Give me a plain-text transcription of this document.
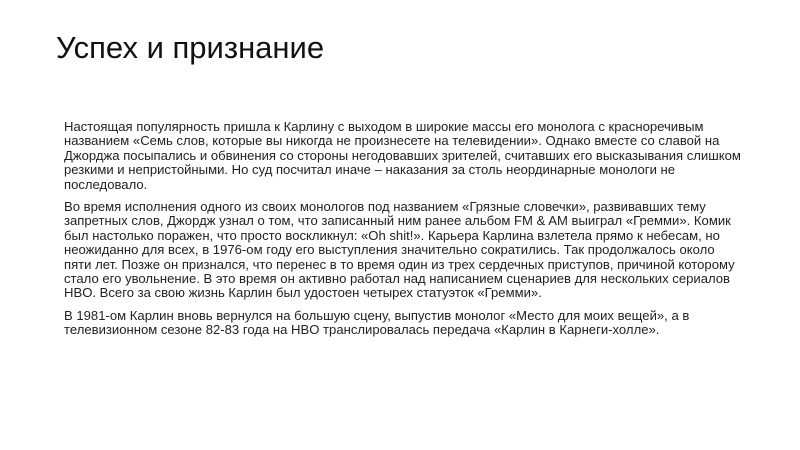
Успех и признание

Настоящая популярность пришла к Карлину с выходом в широкие массы его монолога с красноречивым названием «Семь слов, которые вы никогда не произнесете на телевидении». Однако вместе со славой на Джорджа посыпались и обвинения со стороны негодовавших зрителей, считавших его высказывания слишком резкими и непристойными. Но суд посчитал иначе – наказания за столь неординарные монологи не последовало.

Во время исполнения одного из своих монологов под названием «Грязные словечки», развивавших тему запретных слов, Джордж узнал о том, что записанный ним ранее альбом FM & AM выиграл «Гремми». Комик был настолько поражен, что просто воскликнул: «Oh shit!». Карьера Карлина взлетела прямо к небесам, но неожиданно для всех, в 1976-ом году его выступления значительно сократились. Так продолжалось около пяти лет. Позже он признался, что перенес в то время один из трех сердечных приступов, причиной которому стало его увольнение. В это время он активно работал над написанием сценариев для нескольких сериалов HBO. Всего за свою жизнь Карлин был удостоен четырех статуэток «Гремми».

В 1981-ом Карлин вновь вернулся на большую сцену, выпустив монолог «Место для моих вещей», а в телевизионном сезоне 82-83 года на HBO транслировалась передача «Карлин в Карнеги-холле».
